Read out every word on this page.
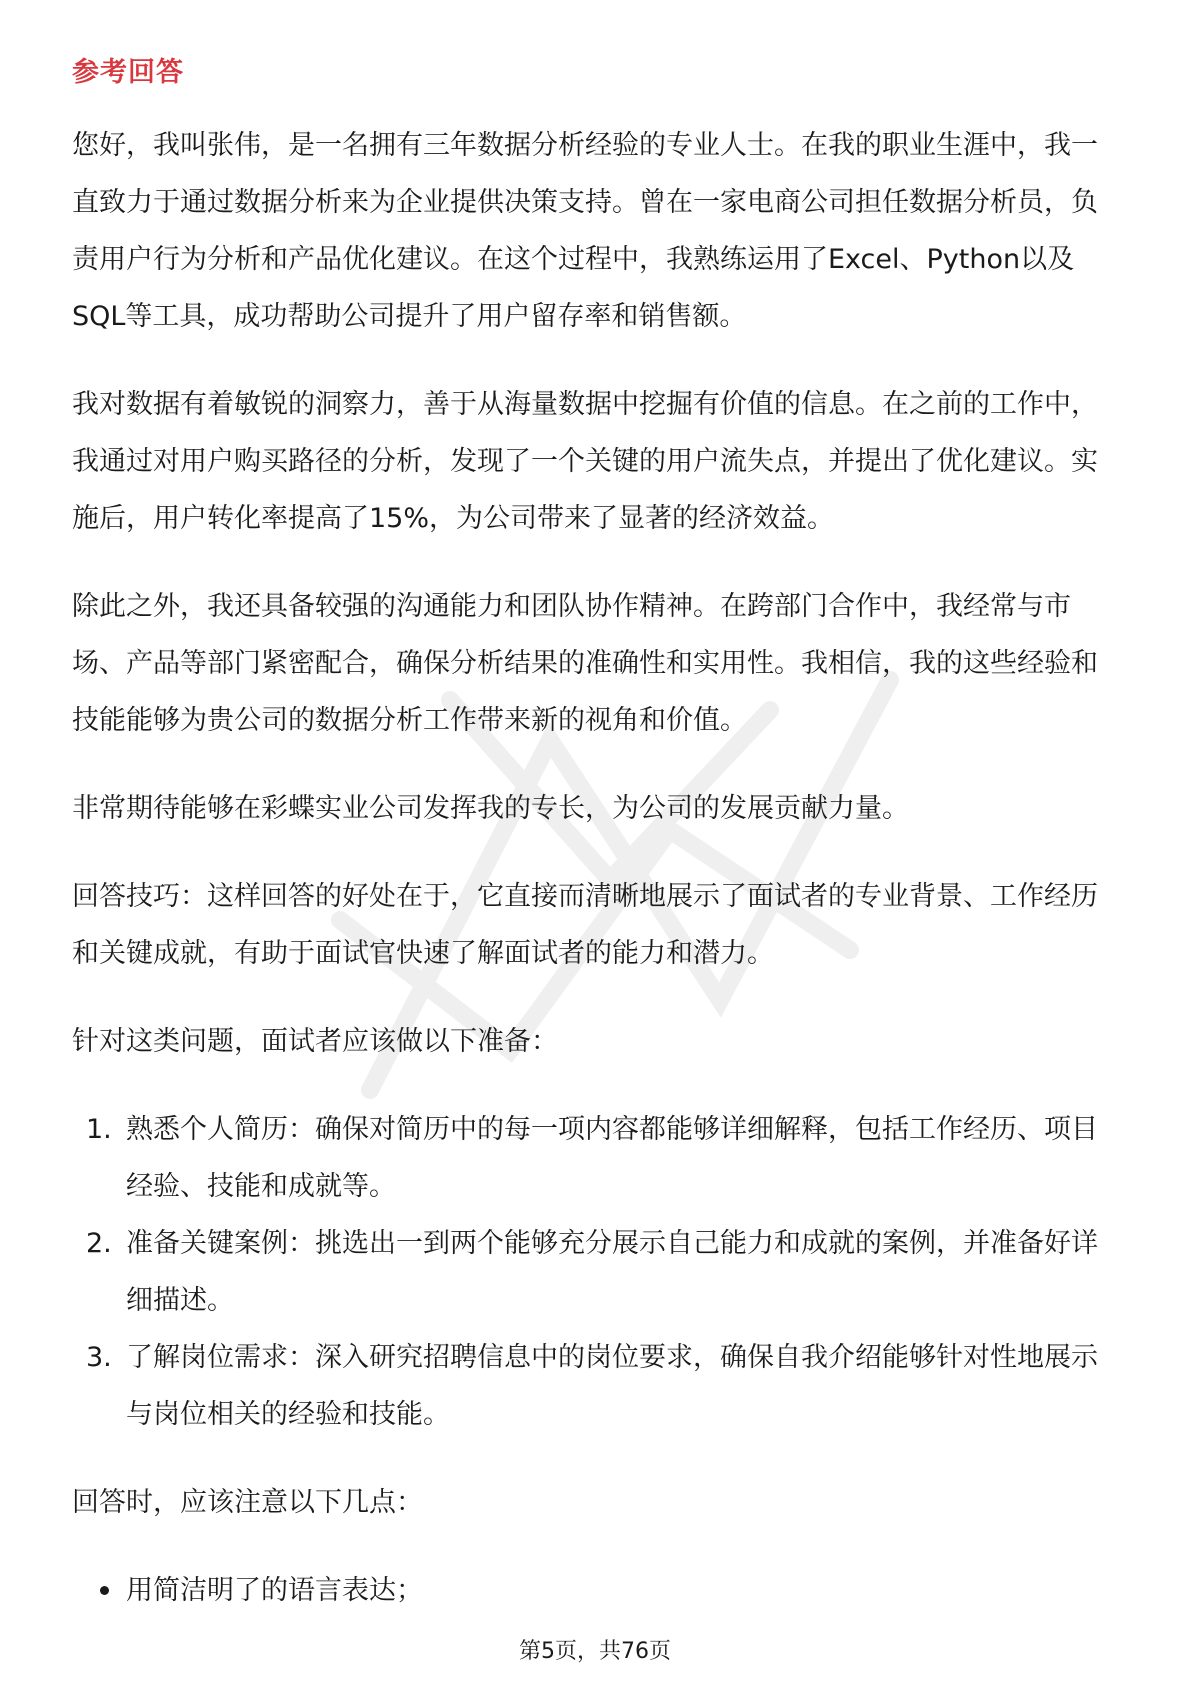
参考回答

您好，我叫张伟，是一名拥有三年数据分析经验的专业人士。在我的职业生涯中，我一直致力于通过数据分析来为企业提供决策支持。曾在一家电商公司担任数据分析员，负责用户行为分析和产品优化建议。在这个过程中，我熟练运用了Excel、Python以及SQL等工具，成功帮助公司提升了用户留存率和销售额。

我对数据有着敏锐的洞察力，善于从海量数据中挖掘有价值的信息。在之前的工作中，我通过对用户购买路径的分析，发现了一个关键的用户流失点，并提出了优化建议。实施后，用户转化率提高了15%，为公司带来了显著的经济效益。

除此之外，我还具备较强的沟通能力和团队协作精神。在跨部门合作中，我经常与市场、产品等部门紧密配合，确保分析结果的准确性和实用性。我相信，我的这些经验和技能能够为贵公司的数据分析工作带来新的视角和价值。

非常期待能够在彩蝶实业公司发挥我的专长，为公司的发展贡献力量。

回答技巧：这样回答的好处在于，它直接而清晰地展示了面试者的专业背景、工作经历和关键成就，有助于面试官快速了解面试者的能力和潜力。

针对这类问题，面试者应该做以下准备：

1. 熟悉个人简历：确保对简历中的每一项内容都能够详细解释，包括工作经历、项目经验、技能和成就等。
2. 准备关键案例：挑选出一到两个能够充分展示自己能力和成就的案例，并准备好详细描述。
3. 了解岗位需求：深入研究招聘信息中的岗位要求，确保自我介绍能够针对性地展示与岗位相关的经验和技能。

回答时，应该注意以下几点：

用简洁明了的语言表达；
第5页，共76页
